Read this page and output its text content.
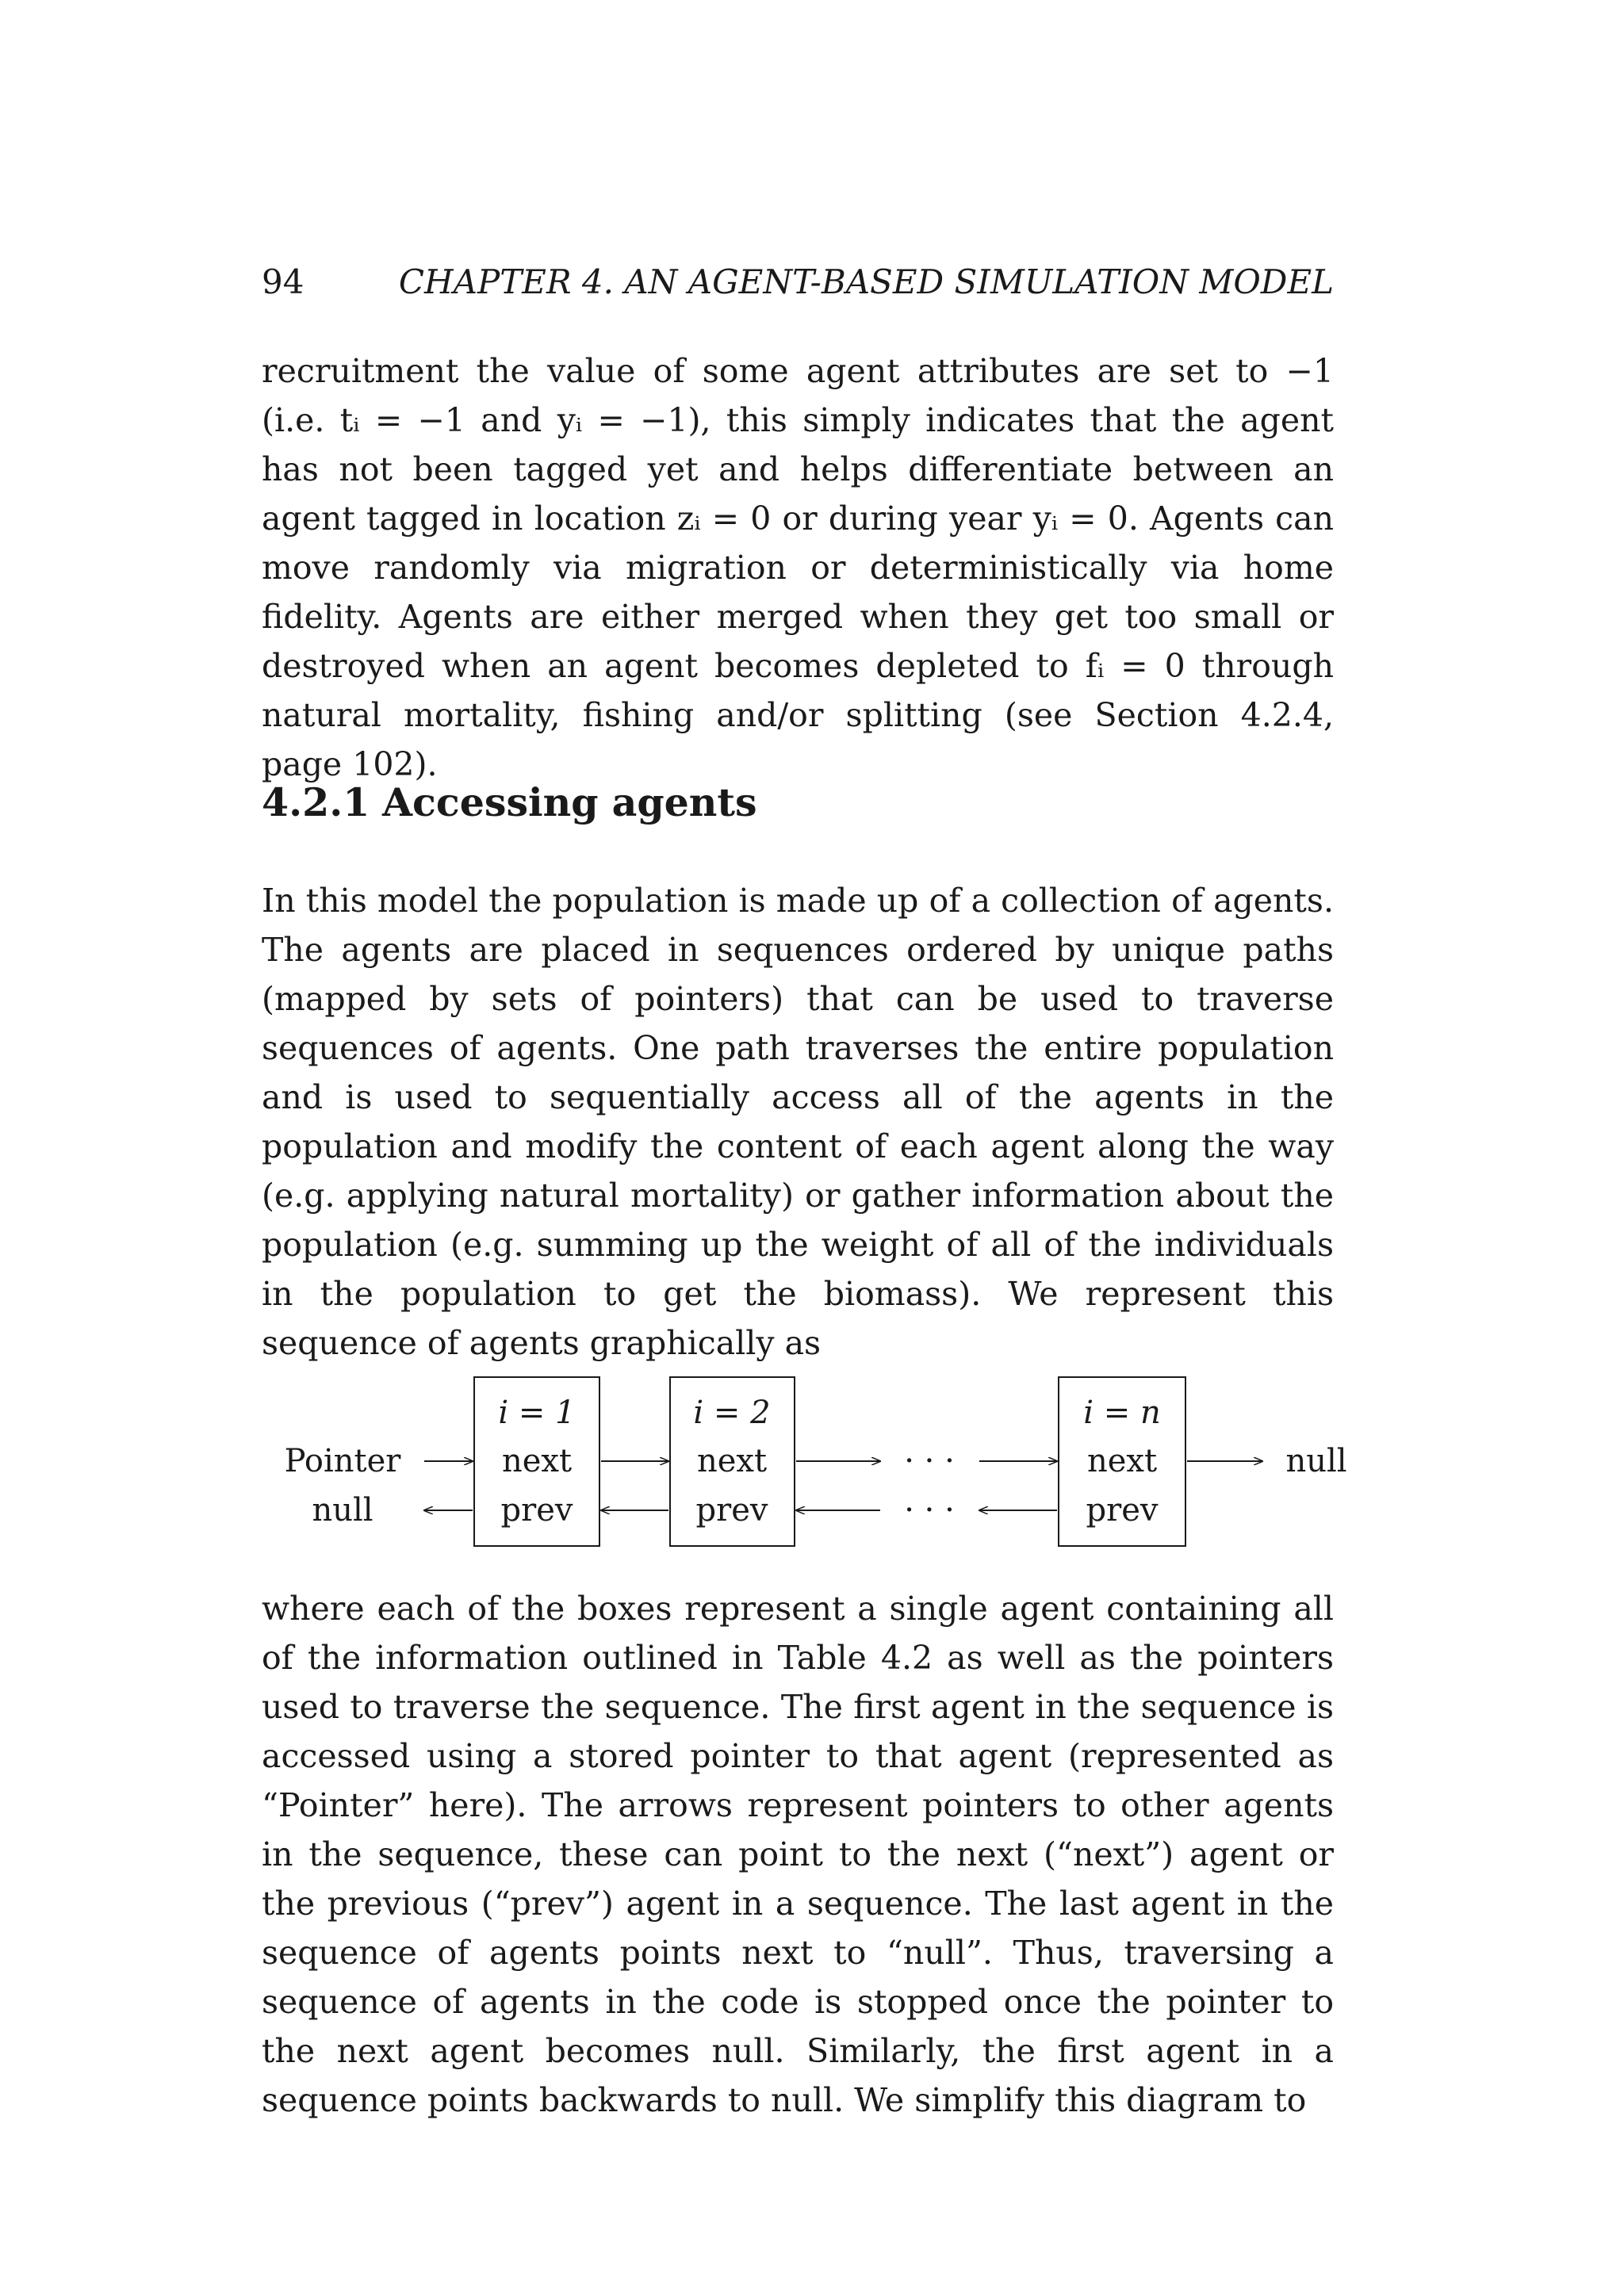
94	CHAPTER 4. AN AGENT-BASED SIMULATION MODEL

recruitment the value of some agent attributes are set to −1 (i.e. tᵢ = −1 and yᵢ = −1), this simply indicates that the agent has not been tagged yet and helps differentiate between an agent tagged in location zᵢ = 0 or during year yᵢ = 0. Agents can move randomly via migration or deterministically via home fidelity. Agents are either merged when they get too small or destroyed when an agent becomes depleted to fᵢ = 0 through natural mortality, fishing and/or splitting (see Section 4.2.4, page 102).

4.2.1 Accessing agents

In this model the population is made up of a collection of agents. The agents are placed in sequences ordered by unique paths (mapped by sets of pointers) that can be used to traverse sequences of agents. One path traverses the entire population and is used to sequentially access all of the agents in the population and modify the content of each agent along the way (e.g. applying natural mortality) or gather information about the population (e.g. summing up the weight of all of the individuals in the population to get the biomass). We represent this sequence of agents graphically as

Pointer
null
null
i = 1
next
prev
i = 2
next
prev
· · ·
· · ·
i = n
next
prev

where each of the boxes represent a single agent containing all of the information outlined in Table 4.2 as well as the pointers used to traverse the sequence. The first agent in the sequence is accessed using a stored pointer to that agent (represented as “Pointer” here). The arrows represent pointers to other agents in the sequence, these can point to the next (“next”) agent or the previous (“prev”) agent in a sequence. The last agent in the sequence of agents points next to “null”. Thus, traversing a sequence of agents in the code is stopped once the pointer to the next agent becomes null. Similarly, the first agent in a sequence points backwards to null. We simplify this diagram to
